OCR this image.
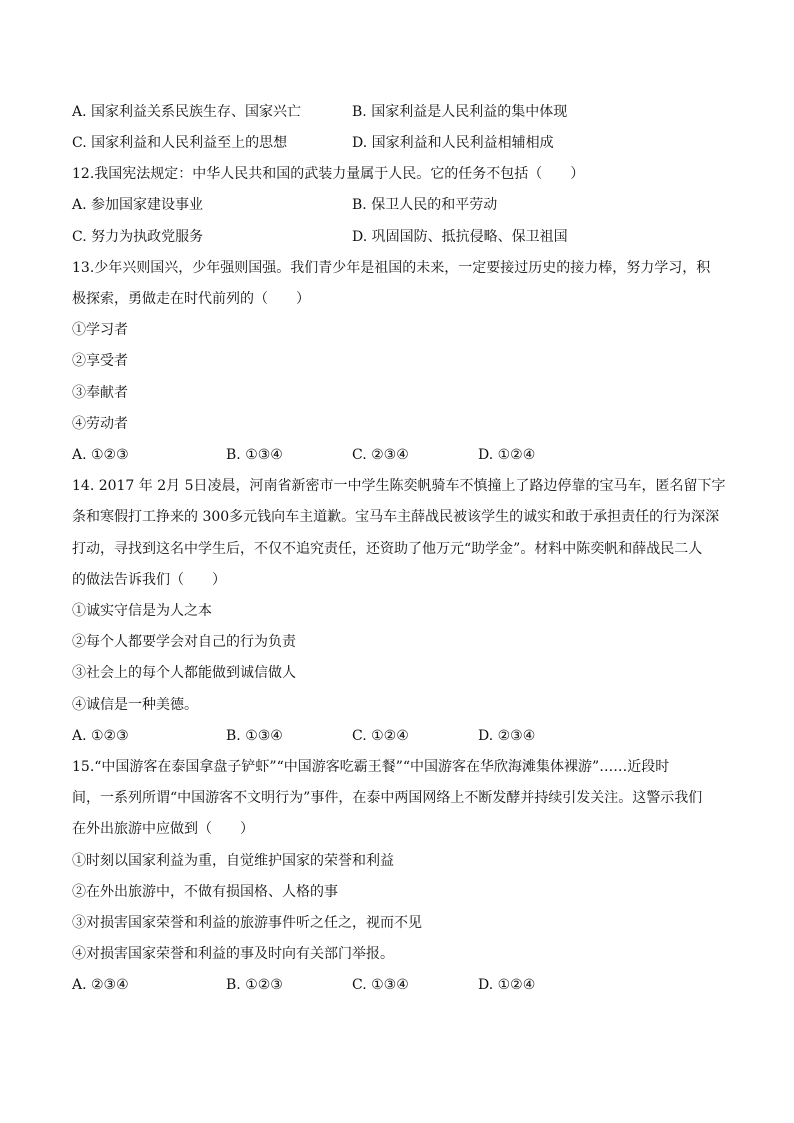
A. 国家利益关系民族生存、国家兴亡	B. 国家利益是人民利益的集中体现
C. 国家利益和人民利益至上的思想	D. 国家利益和人民利益相辅相成
12.我国宪法规定：中华人民共和国的武装力量属于人民。它的任务不包括（　　）
A. 参加国家建设事业	B. 保卫人民的和平劳动
C. 努力为执政党服务	D. 巩固国防、抵抗侵略、保卫祖国
13.少年兴则国兴，少年强则国强。我们青少年是祖国的未来，一定要接过历史的接力棒，努力学习，积
极探索，勇做走在时代前列的（　　）
①学习者
②享受者
③奉献者
④劳动者
A. ①②③	B. ①③④	C. ②③④	D. ①②④
14. 2017 年 2月 5日凌晨，河南省新密市一中学生陈奕帆骑车不慎撞上了路边停靠的宝马车，匿名留下字
条和寒假打工挣来的 300多元钱向车主道歉。宝马车主薛战民被该学生的诚实和敢于承担责任的行为深深
打动，寻找到这名中学生后，不仅不追究责任，还资助了他万元“助学金”。材料中陈奕帆和薛战民二人
的做法告诉我们（　　）
①诚实守信是为人之本
②每个人都要学会对自己的行为负责
③社会上的每个人都能做到诚信做人
④诚信是一种美德。
A. ①②③	B. ①③④	C. ①②④	D. ②③④
15.“中国游客在泰国拿盘子铲虾”“中国游客吃霸王餐”“中国游客在华欣海滩集体裸游”……近段时
间，一系列所谓“中国游客不文明行为”事件，在泰中两国网络上不断发酵并持续引发关注。这警示我们
在外出旅游中应做到（　　）
①时刻以国家利益为重，自觉维护国家的荣誉和利益
②在外出旅游中，不做有损国格、人格的事
③对损害国家荣誉和利益的旅游事件听之任之，视而不见
④对损害国家荣誉和利益的事及时向有关部门举报。
A. ②③④	B. ①②③	C. ①③④	D. ①②④
